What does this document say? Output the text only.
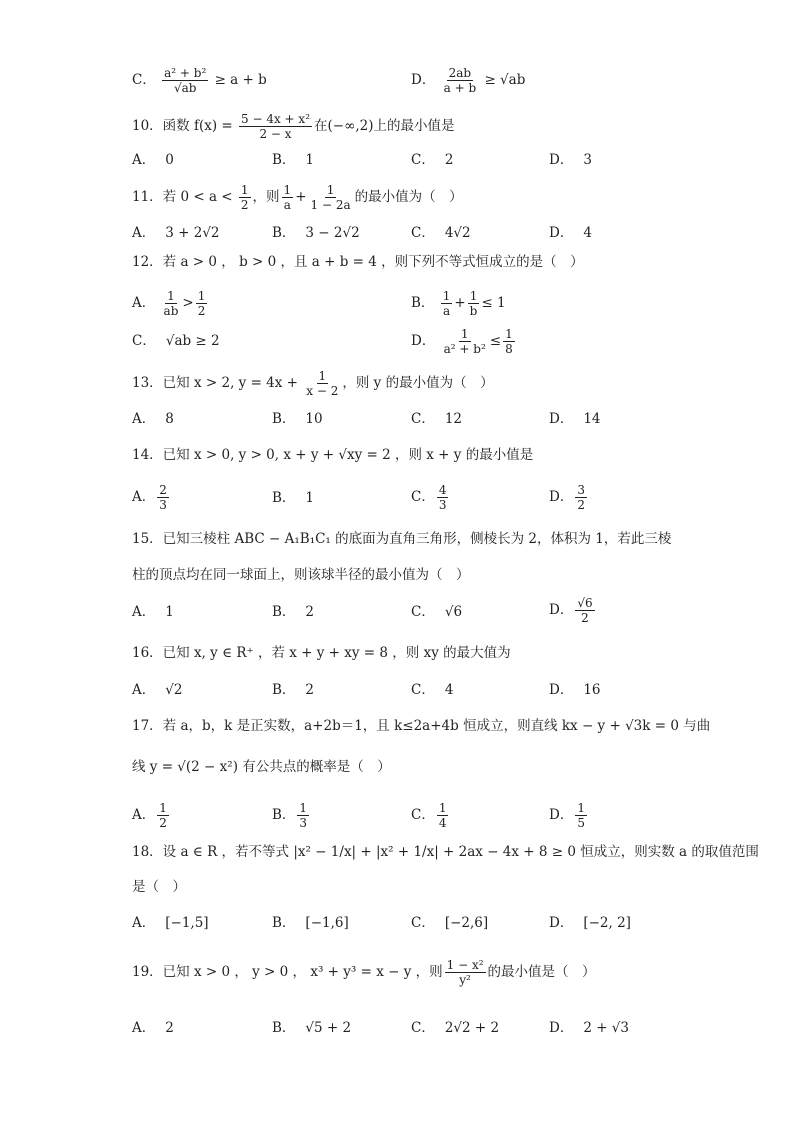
C． $\frac{\text{a² + b²}}{√ab} \ge a + b$	D． $\frac{2ab}{a + b} \ge √ab$
10．函数 $f(x) = \frac{\text{5 − 4x + x²}}{2 - x}$ 在(−∞,2)上的最小值是
A． 0	B． 1	C． 2	D． 3
11．若 $0 < a < \frac{1}{2}$ ，则 $\frac{1}{a} + \frac{1}{1 - 2a}$ 的最小值为（　）
A． 3 + 2√2	B． 3 − 2√2	C． 4√2	D． 4
12．若 a > 0 ， b > 0 ，且 a + b = 4 ，则下列不等式恒成立的是（　）
A． $\frac{1}{ab} > \frac{1}{2}$	B． $\frac{1}{a} + \frac{1}{b} \le 1$
C． √ab ≥ 2	D． $\frac{1}{\text{a² + b²}} \le \frac{1}{8}$
13．已知 x > 2, $y = 4x + \frac{1}{x - 2}$ ，则 y 的最小值为（　）
A． 8	B． 10	C． 12	D． 14
14．已知 x > 0, y > 0, x + y + √xy = 2 ，则 x + y 的最小值是
A． $\frac{2}{3}$	B． 1	C． $\frac{4}{3}$	D． $\frac{3}{2}$
15．已知三棱柱 ABC − A₁B₁C₁ 的底面为直角三角形，侧棱长为 2，体积为 1，若此三棱
柱的顶点均在同一球面上，则该球半径的最小值为（　）
A． 1	B． 2	C． √6	D． $\frac{√6}{2}$
16．已知 x, y ∈ R⁺ ，若 x + y + xy = 8 ，则 xy 的最大值为
A． √2	B． 2	C． 4	D． 16
17．若 a，b，k 是正实数，a+2b＝1，且 k≤2a+4b 恒成立，则直线 kx − y + √3k = 0 与曲
线 y = √(2 − x²) 有公共点的概率是（　）
A． $\frac{1}{2}$	B． $\frac{1}{3}$	C． $\frac{1}{4}$	D． $\frac{1}{5}$
18．设 a ∈ R ，若不等式 |x² − 1/x| + |x² + 1/x| + 2ax − 4x + 8 ≥ 0 恒成立，则实数 a 的取值范围
是（　）
A． [−1,5]	B． [−1,6]	C． [−2,6]	D． [−2, 2]
19．已知 x > 0 ， y > 0 ， x³ + y³ = x − y ，则 $\frac{\text{1 − x²}}{\text{y²}}$ 的最小值是（　）
A． 2	B． √5 + 2	C． 2√2 + 2	D． 2 + √3
